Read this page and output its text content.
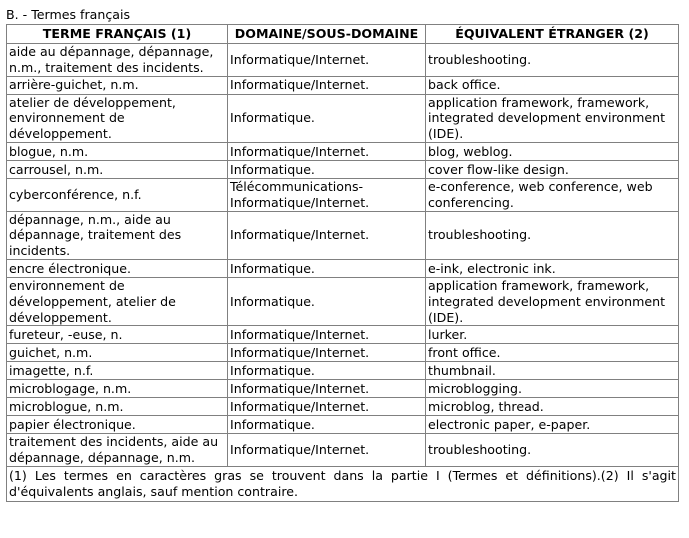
B. - Termes français
TERME FRANÇAIS (1)	DOMAINE/SOUS-DOMAINE	ÉQUIVALENT ÉTRANGER (2)
aide au dépannage, dépannage, n.m., traitement des incidents.	Informatique/Internet.	troubleshooting.
arrière-guichet, n.m.	Informatique/Internet.	back office.
atelier de développement, environnement de développement.	Informatique.	application framework, framework, integrated development environment (IDE).
blogue, n.m.	Informatique/Internet.	blog, weblog.
carrousel, n.m.	Informatique.	cover flow-like design.
cyberconférence, n.f.	Télécommunications-Informatique/Internet.	e-conference, web conference, web conferencing.
dépannage, n.m., aide au dépannage, traitement des incidents.	Informatique/Internet.	troubleshooting.
encre électronique.	Informatique.	e-ink, electronic ink.
environnement de développement, atelier de développement.	Informatique.	application framework, framework, integrated development environment (IDE).
fureteur, -euse, n.	Informatique/Internet.	lurker.
guichet, n.m.	Informatique/Internet.	front office.
imagette, n.f.	Informatique.	thumbnail.
microblogage, n.m.	Informatique/Internet.	microblogging.
microblogue, n.m.	Informatique/Internet.	microblog, thread.
papier électronique.	Informatique.	electronic paper, e-paper.
traitement des incidents, aide au dépannage, dépannage, n.m.	Informatique/Internet.	troubleshooting.
(1) Les termes en caractères gras se trouvent dans la partie I (Termes et définitions).(2) Il s'agit d'équivalents anglais, sauf mention contraire.		
